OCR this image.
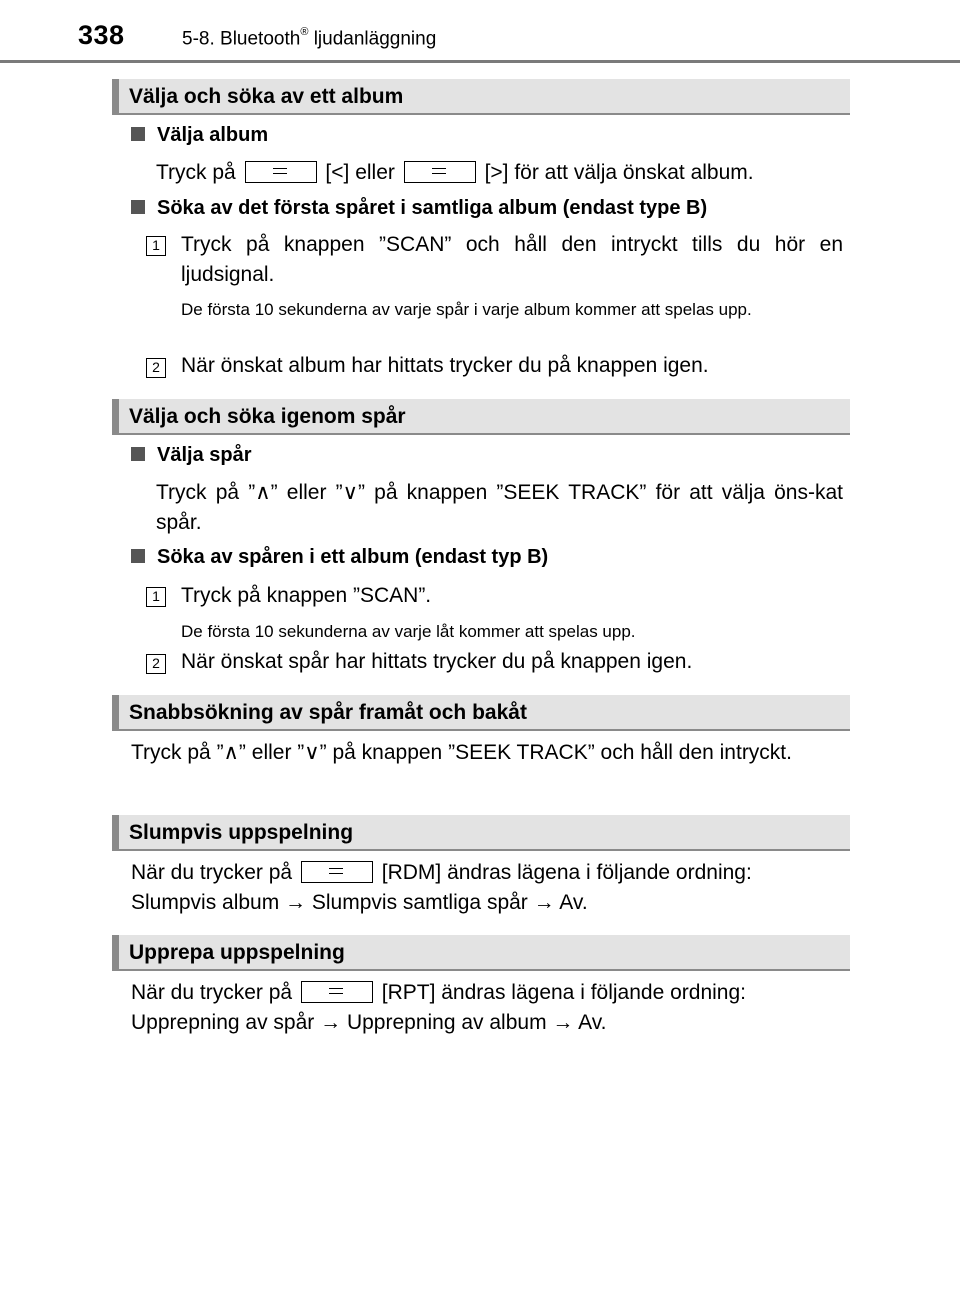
338	5-8. Bluetooth® ljudanläggning
Välja och söka av ett album
Välja album
Tryck på	[<] eller	[>] för att välja önskat album.
Söka av det första spåret i samtliga album (endast type B)
1 Tryck på knappen ”SCAN” och håll den intryckt tills du hör en ljudsignal.
De första 10 sekunderna av varje spår i varje album kommer att spelas upp.
2 När önskat album har hittats trycker du på knappen igen.
Välja och söka igenom spår
Välja spår
Tryck på ”∧” eller ”∨” på knappen ”SEEK TRACK” för att välja öns-kat spår.
Söka av spåren i ett album (endast typ B)
1 Tryck på knappen ”SCAN”.
De första 10 sekunderna av varje låt kommer att spelas upp.
2 När önskat spår har hittats trycker du på knappen igen.
Snabbsökning av spår framåt och bakåt
Tryck på ”∧” eller ”∨” på knappen ”SEEK TRACK” och håll den intryckt.
Slumpvis uppspelning
När du trycker på	[RDM] ändras lägena i följande ordning:
Slumpvis album → Slumpvis samtliga spår → Av.
Upprepa uppspelning
När du trycker på	[RPT] ändras lägena i följande ordning:
Upprepning av spår → Upprepning av album → Av.
